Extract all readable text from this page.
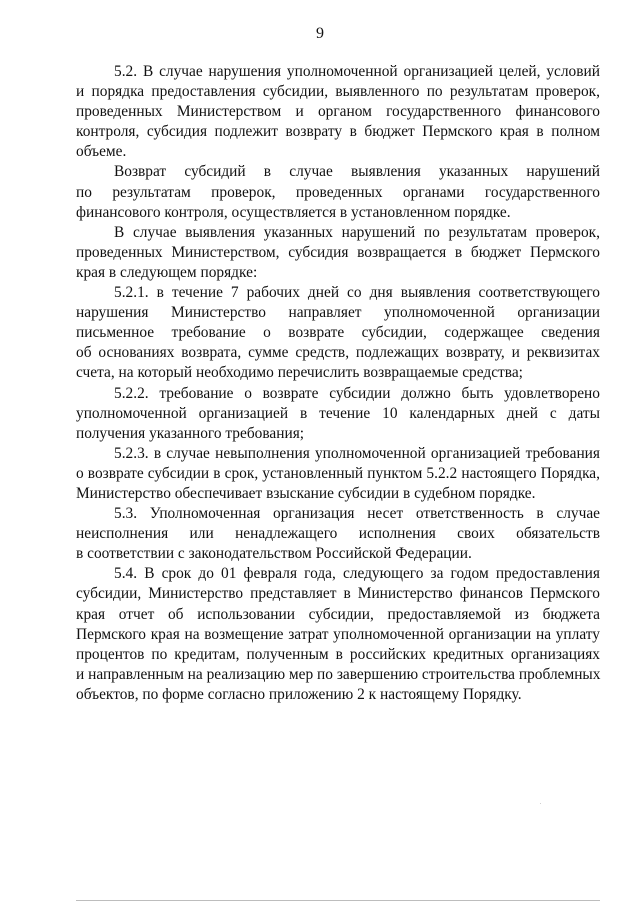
9
5.2. В случае нарушения уполномоченной организацией целей, условий
и порядка предоставления субсидии, выявленного по результатам проверок,
проведенных Министерством и органом государственного финансового
контроля, субсидия подлежит возврату в бюджет Пермского края в полном
объеме.
Возврат субсидий в случае выявления указанных нарушений
по результатам проверок, проведенных органами государственного
финансового контроля, осуществляется в установленном порядке.
В случае выявления указанных нарушений по результатам проверок,
проведенных Министерством, субсидия возвращается в бюджет Пермского
края в следующем порядке:
5.2.1. в течение 7 рабочих дней со дня выявления соответствующего
нарушения Министерство направляет уполномоченной организации
письменное требование о возврате субсидии, содержащее сведения
об основаниях возврата, сумме средств, подлежащих возврату, и реквизитах
счета, на который необходимо перечислить возвращаемые средства;
5.2.2. требование о возврате субсидии должно быть удовлетворено
уполномоченной организацией в течение 10 календарных дней с даты
получения указанного требования;
5.2.3. в случае невыполнения уполномоченной организацией требования
о возврате субсидии в срок, установленный пунктом 5.2.2 настоящего Порядка,
Министерство обеспечивает взыскание субсидии в судебном порядке.
5.3. Уполномоченная организация несет ответственность в случае
неисполнения или ненадлежащего исполнения своих обязательств
в соответствии с законодательством Российской Федерации.
5.4. В срок до 01 февраля года, следующего за годом предоставления
субсидии, Министерство представляет в Министерство финансов Пермского
края отчет об использовании субсидии, предоставляемой из бюджета
Пермского края на возмещение затрат уполномоченной организации на уплату
процентов по кредитам, полученным в российских кредитных организациях
и направленным на реализацию мер по завершению строительства проблемных
объектов, по форме согласно приложению 2 к настоящему Порядку.
